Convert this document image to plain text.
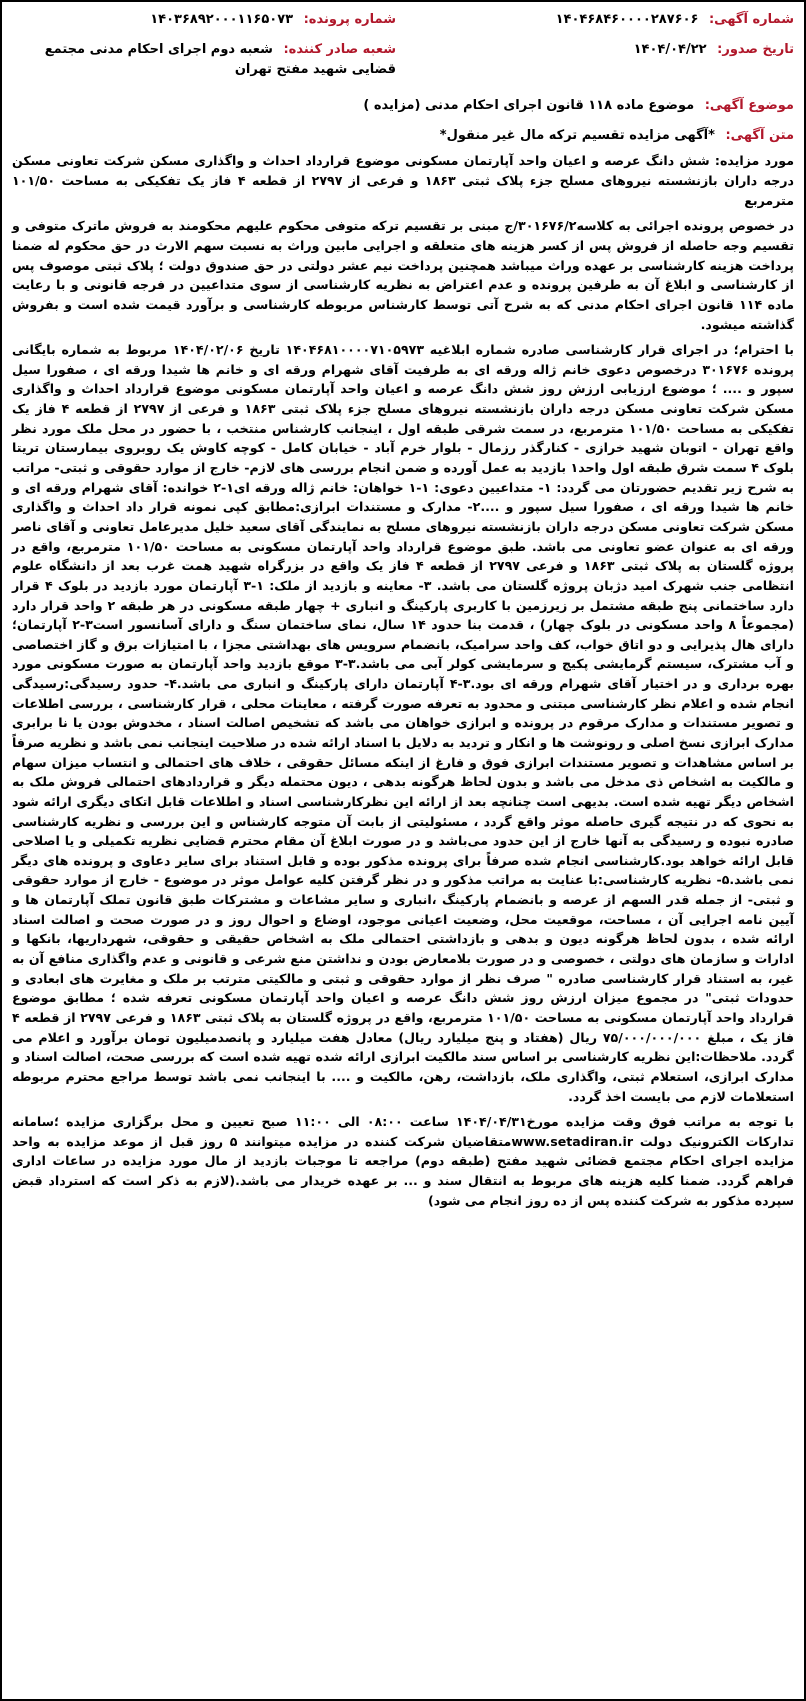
شماره آگهی: ۱۴۰۴۶۸۴۶۰۰۰۰۲۸۷۶۰۶
شماره پرونده: ۱۴۰۳۶۸۹۲۰۰۰۱۱۶۵۰۷۳
تاریخ صدور: ۱۴۰۴/۰۴/۲۲
شعبه صادر کننده: شعبه دوم اجرای احکام مدنی مجتمع قضایی شهید مفتح تهران
موضوع آگهی: موضوع ماده ۱۱۸ قانون اجرای احکام مدنی (مزایده )
متن آگهی: *آگهی مزایده تقسیم ترکه مال غیر منقول*

مورد مزایده: شش دانگ عرصه و اعیان واحد آپارتمان مسکونی موضوع قرارداد احداث و واگذاری مسکن شرکت تعاونی مسکن درجه داران بازنشسته نیروهای مسلح جزء پلاک ثبتی ۱۸۶۳ و فرعی از ۲۷۹۷ از قطعه ۴ فاز یک تفکیکی به مساحت ۱۰۱/۵۰ مترمربع

در خصوص پرونده اجرائی به کلاسه۳۰۱۶۷۶/۲/ج مبنی بر تقسیم ترکه متوفی محکوم علیهم محکومند به فروش ماترک متوفی و تقسیم وجه حاصله از فروش پس از کسر هزینه های متعلقه و اجرایی مابین وراث به نسبت سهم الارث در حق محکوم له ضمنا پرداخت هزینه کارشناسی بر عهده وراث میباشد همچنین پرداخت نیم عشر دولتی در حق صندوق دولت ؛ پلاک ثبتی موصوف پس از کارشناسی و ابلاغ آن به طرفین پرونده و عدم اعتراض به نظریه کارشناسی از سوی متداعیین در فرجه قانونی و با رعایت ماده ۱۱۴ قانون اجرای احکام مدنی که به شرح آتی توسط کارشناس مربوطه کارشناسی و برآورد قیمت شده است و بفروش گذاشته میشود.

با احترام؛ در اجرای قرار کارشناسی صادره شماره ابلاغیه ۱۴۰۴۶۸۱۰۰۰۰۷۱۰۵۹۷۳ تاریخ ۱۴۰۴/۰۲/۰۶ مربوط به شماره بایگانی پرونده ۳۰۱۶۷۶ درخصوص دعوی خانم ژاله ورقه ای به طرفیت آقای شهرام ورقه ای و خانم ها شیدا ورقه ای ، صفورا سیل سپور و .... ؛ موضوع ارزیابی ارزش روز شش دانگ عرصه و اعیان واحد آپارتمان مسکونی موضوع قرارداد احداث و واگذاری مسکن شرکت تعاونی مسکن درجه داران بازنشسته نیروهای مسلح جزء پلاک ثبتی ۱۸۶۳ و فرعی از ۲۷۹۷ از قطعه ۴ فاز یک تفکیکی به مساحت ۱۰۱/۵۰ مترمربع، در سمت شرقی طبقه اول ، اینجانب کارشناس منتخب ، با حضور در محل ملک مورد نظر واقع تهران - اتوبان شهید خرازی - کنارگذر رزمال - بلوار خرم آباد - خیابان کامل - کوچه کاوش یک روبروی بیمارستان تریتا بلوک ۴ سمت شرق طبقه اول واحد۱ بازدید به عمل آورده و ضمن انجام بررسی های لازم- خارج از موارد حقوقی و ثبتی- مراتب به شرح زیر تقدیم حضورتان می گردد: ۱- متداعیین دعوی: ۱-۱ خواهان: خانم ژاله ورقه ای۱-۲ خوانده: آقای شهرام ورقه ای و خانم ها شیدا ورقه ای ، صفورا سیل سپور و ....۲- مدارک و مستندات ابرازی:مطابق کپی نمونه قرار داد احداث و واگذاری مسکن شرکت تعاونی مسکن درجه داران بازنشسته نیروهای مسلح به نمایندگی آقای سعید خلیل مدیرعامل تعاونی و آقای ناصر ورقه ای به عنوان عضو تعاونی می باشد. طبق موضوع قرارداد واحد آپارتمان مسکونی به مساحت ۱۰۱/۵۰ مترمربع، واقع در پروژه گلستان به پلاک ثبتی ۱۸۶۳ و فرعی ۲۷۹۷ از قطعه ۴ فاز یک واقع در بزرگراه شهید همت غرب بعد از دانشگاه علوم انتظامی جنب شهرک امید دژبان پروژه گلستان می باشد. ۳- معاینه و بازدید از ملک: ۱-۳ آپارتمان مورد بازدید در بلوک ۴ قرار دارد ساختمانی پنج طبقه مشتمل بر زیرزمین با کاربری پارکینگ و انباری + چهار طبقه مسکونی در هر طبقه ۲ واحد قرار دارد (مجموعاً ۸ واحد مسکونی در بلوک چهار) ، قدمت بنا حدود ۱۴ سال، نمای ساختمان سنگ و دارای آسانسور است۳-۲ آپارتمان؛ دارای هال پذیرایی و دو اتاق خواب، کف واحد سرامیک، بانضمام سرویس های بهداشتی مجزا ، با امتیازات برق و گاز اختصاصی و آب مشترک، سیستم گرمایشی پکیج و سرمایشی کولر آبی می باشد.۳-۳ موقع بازدید واحد آپارتمان به صورت مسکونی مورد بهره برداری و در اختیار آقای شهرام ورقه ای بود.۳-۴ آپارتمان دارای پارکینگ و انباری می باشد.۴- حدود رسیدگی:رسیدگی انجام شده و اعلام نظر کارشناسی مبتنی و محدود به تعرفه صورت گرفته ، معاینات محلی ، قرار کارشناسی ، بررسی اطلاعات و تصویر مستندات و مدارک مرقوم در پرونده و ابرازی خواهان می باشد که تشخیص اصالت اسناد ، مخدوش بودن یا نا برابری مدارک ابرازی نسخ اصلی و رونوشت ها و انکار و تردید به دلایل با اسناد ارائه شده در صلاحیت اینجانب نمی باشد و نظریه صرفاً بر اساس مشاهدات و تصویر مستندات ابرازی فوق و فارغ از اینکه مسائل حقوقی ، خلاف های احتمالی و انتساب میزان سهام و مالکیت به اشخاص ذی مدخل می باشد و بدون لحاظ هرگونه بدهی ، دیون محتمله دیگر و قراردادهای احتمالی فروش ملک به اشخاص دیگر تهیه شده است. بدیهی است چنانچه بعد از ارائه این نظرکارشناسی اسناد و اطلاعات قابل اتکای دیگری ارائه شود به نحوی که در نتیجه گیری حاصله موثر واقع گردد ، مسئولیتی از بابت آن متوجه کارشناس و این بررسی و نظریه کارشناسی صادره نبوده و رسیدگی به آنها خارج از این حدود می‌باشد و در صورت ابلاغ آن مقام محترم قضایی نظریه تکمیلی و یا اصلاحی قابل ارائه خواهد بود.کارشناسی انجام شده صرفاً برای پرونده مذکور بوده و قابل استناد برای سایر دعاوی و پرونده های دیگر نمی باشد.۵- نظریه کارشناسی:با عنایت به مراتب مذکور و در نظر گرفتن کلیه عوامل موثر در موضوع - خارج از موارد حقوقی و ثبتی- از جمله قدر السهم از عرصه و بانضمام پارکینگ ،انباری و سایر مشاعات و مشترکات طبق قانون تملک آپارتمان ها و آیین نامه اجرایی آن ، مساحت، موقعیت محل، وضعیت اعیانی موجود، اوضاع و احوال روز و در صورت صحت و اصالت اسناد ارائه شده ، بدون لحاظ هرگونه دیون و بدهی و بازداشتی احتمالی ملک به اشخاص حقیقی و حقوقی، شهرداریها، بانکها و ادارات و سازمان های دولتی ، خصوصی و در صورت بلامعارض بودن و نداشتن منع شرعی و قانونی و عدم واگذاری منافع آن به غیر، به استناد قرار کارشناسی صادره " صرف نظر از موارد حقوقی و ثبتی و مالکیتی مترتب بر ملک و مغایرت های ابعادی و حدودات ثبتی" در مجموع میزان ارزش روز شش دانگ عرصه و اعیان واحد آپارتمان مسکونی تعرفه شده ؛ مطابق موضوع قرارداد واحد آپارتمان مسکونی به مساحت ۱۰۱/۵۰ مترمربع، واقع در پروژه گلستان به پلاک ثبتی ۱۸۶۳ و فرعی ۲۷۹۷ از قطعه ۴ فاز یک ، مبلغ ۷۵/۰۰۰/۰۰۰/۰۰۰ ریال (هفتاد و پنج میلیارد ریال) معادل هفت میلیارد و پانصدمیلیون تومان برآورد و اعلام می گردد. ملاحظات:این نظریه کارشناسی بر اساس سند مالکیت ابرازی ارائه شده تهیه شده است که بررسی صحت، اصالت اسناد و مدارک ابرازی، استعلام ثبتی، واگذاری ملک، بازداشت، رهن، مالکیت و .... با اینجانب نمی باشد توسط مراجع محترم مربوطه استعلامات لازم می بایست اخذ گردد.

با توجه به مراتب فوق وقت مزایده مورخ۱۴۰۴/۰۴/۳۱ ساعت ۰۸:۰۰ الی ۱۱:۰۰ صبح تعیین و محل برگزاری مزایده ؛سامانه تدارکات الکترونیک دولت www.setadiran.irمتقاضیان شرکت کننده در مزایده میتوانند ۵ روز قبل از موعد مزایده به واحد مزایده اجرای احکام مجتمع قضائی شهید مفتح (طبقه دوم) مراجعه تا موجبات بازدید از مال مورد مزایده در ساعات اداری فراهم گردد. ضمنا کلیه هزینه های مربوط به انتقال سند و ... بر عهده خریدار می باشد.(لازم به ذکر است که استرداد قبض سپرده مذکور به شرکت کننده پس از ده روز انجام می شود)
